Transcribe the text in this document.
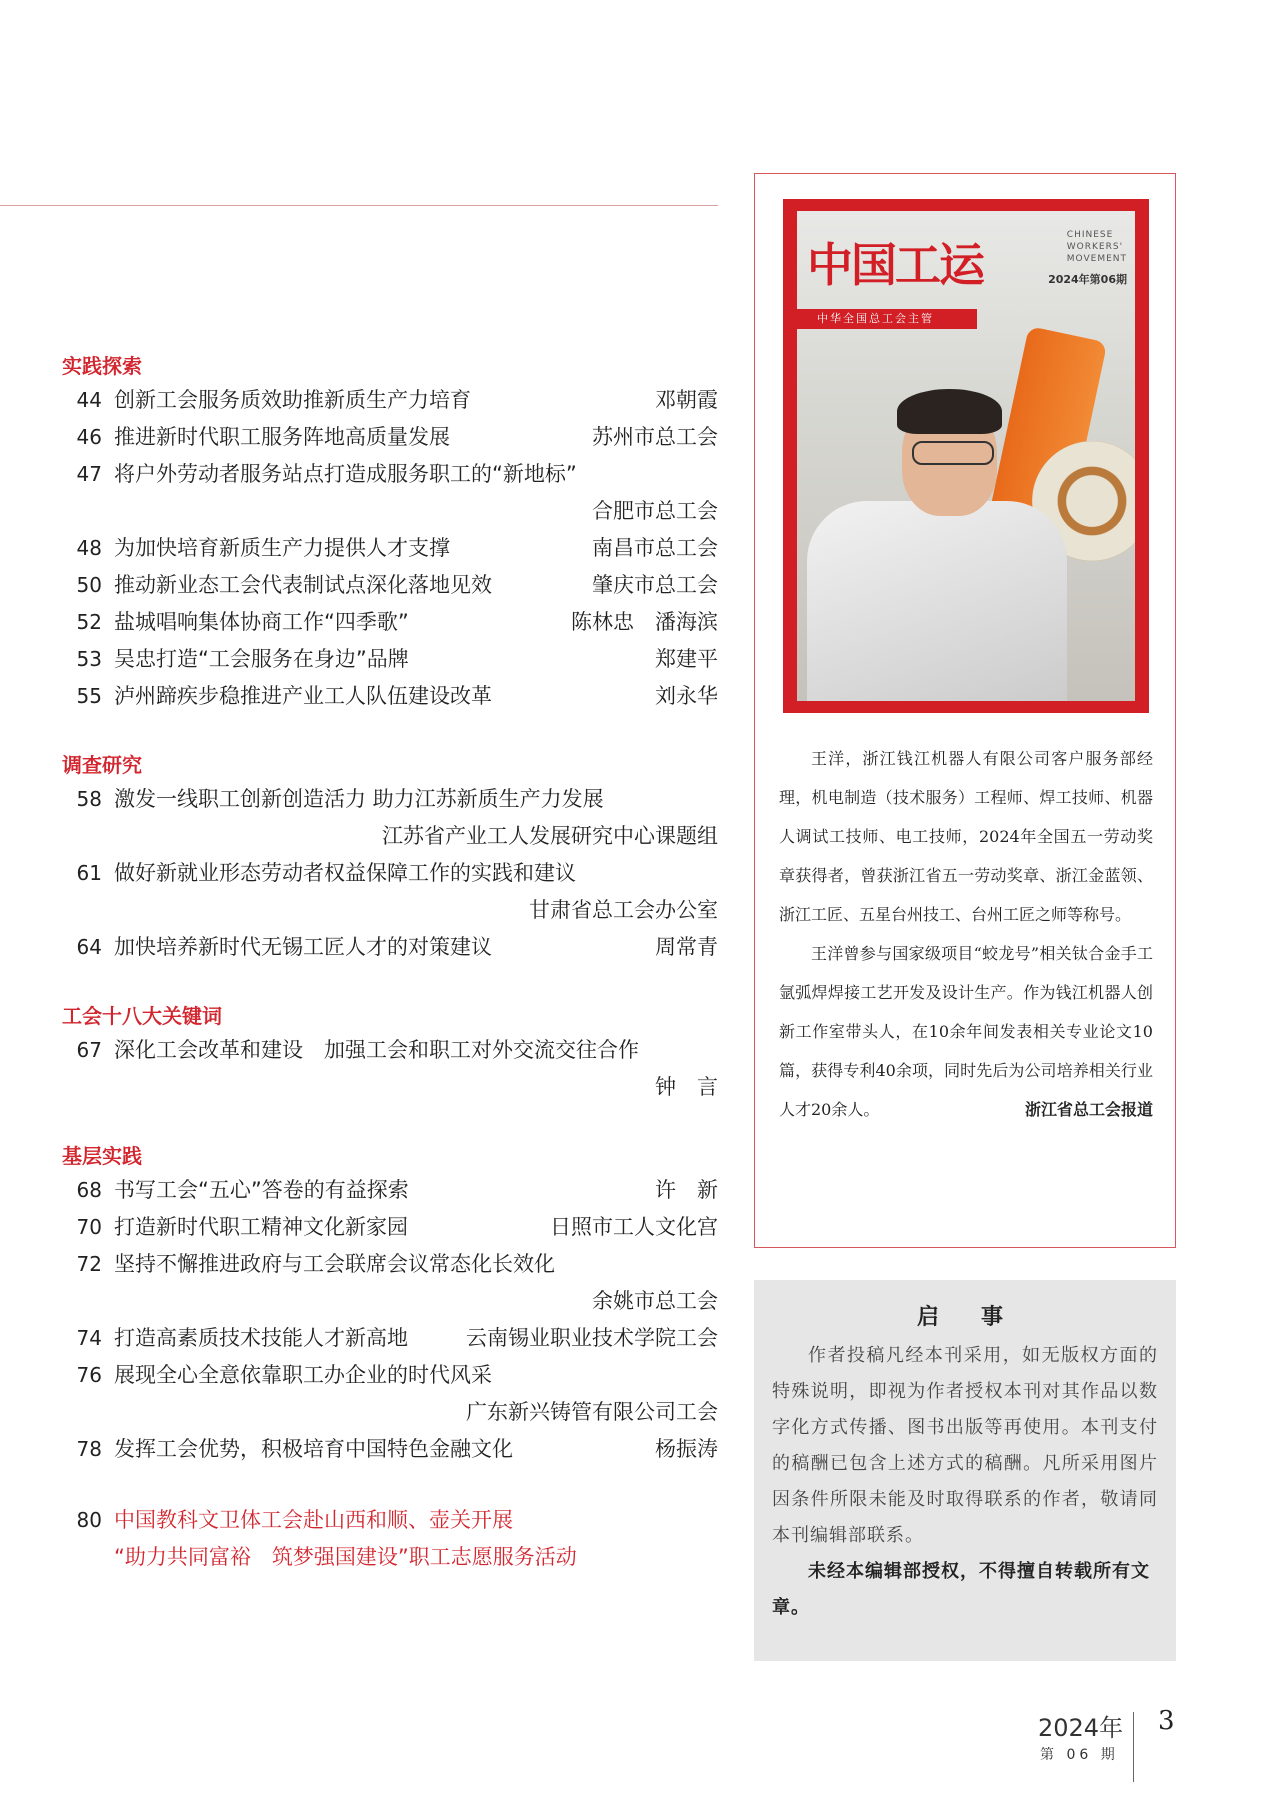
实践探索
44 创新工会服务质效助推新质生产力培育	邓朝霞
46 推进新时代职工服务阵地高质量发展	苏州市总工会
47 将户外劳动者服务站点打造成服务职工的“新地标”
合肥市总工会
48 为加快培育新质生产力提供人才支撑	南昌市总工会
50 推动新业态工会代表制试点深化落地见效	肇庆市总工会
52 盐城唱响集体协商工作“四季歌”	陈林忠　潘海滨
53 吴忠打造“工会服务在身边”品牌	郑建平
55 泸州蹄疾步稳推进产业工人队伍建设改革	刘永华
调查研究
58 激发一线职工创新创造活力 助力江苏新质生产力发展
江苏省产业工人发展研究中心课题组
61 做好新就业形态劳动者权益保障工作的实践和建议
甘肃省总工会办公室
64 加快培养新时代无锡工匠人才的对策建议	周常青
工会十八大关键词
67 深化工会改革和建设　加强工会和职工对外交流交往合作
钟　言
基层实践
68 书写工会“五心”答卷的有益探索	许　新
70 打造新时代职工精神文化新家园	日照市工人文化宫
72 坚持不懈推进政府与工会联席会议常态化长效化
余姚市总工会
74 打造高素质技术技能人才新高地	云南锡业职业技术学院工会
76 展现全心全意依靠职工办企业的时代风采
广东新兴铸管有限公司工会
78 发挥工会优势，积极培育中国特色金融文化	杨振涛
80 中国教科文卫体工会赴山西和顺、壶关开展
“助力共同富裕　筑梦强国建设”职工志愿服务活动
中国工运
CHINESE
WORKERS'
MOVEMENT
2024年第06期
中华全国总工会主管

王洋，浙江钱江机器人有限公司客户服务部经理，机电制造（技术服务）工程师、焊工技师、机器人调试工技师、电工技师，2024年全国五一劳动奖章获得者，曾获浙江省五一劳动奖章、浙江金蓝领、浙江工匠、五星台州技工、台州工匠之师等称号。

王洋曾参与国家级项目“蛟龙号”相关钛合金手工氩弧焊焊接工艺开发及设计生产。作为钱江机器人创新工作室带头人，在10余年间发表相关专业论文10篇，获得专利40余项，同时先后为公司培养相关行业人才20余人。	浙江省总工会报道

启　事
作者投稿凡经本刊采用，如无版权方面的特殊说明，即视为作者授权本刊对其作品以数字化方式传播、图书出版等再使用。本刊支付的稿酬已包含上述方式的稿酬。凡所采用图片因条件所限未能及时取得联系的作者，敬请同本刊编辑部联系。
未经本编辑部授权，不得擅自转载所有文章。
2024年
第 06 期
3
